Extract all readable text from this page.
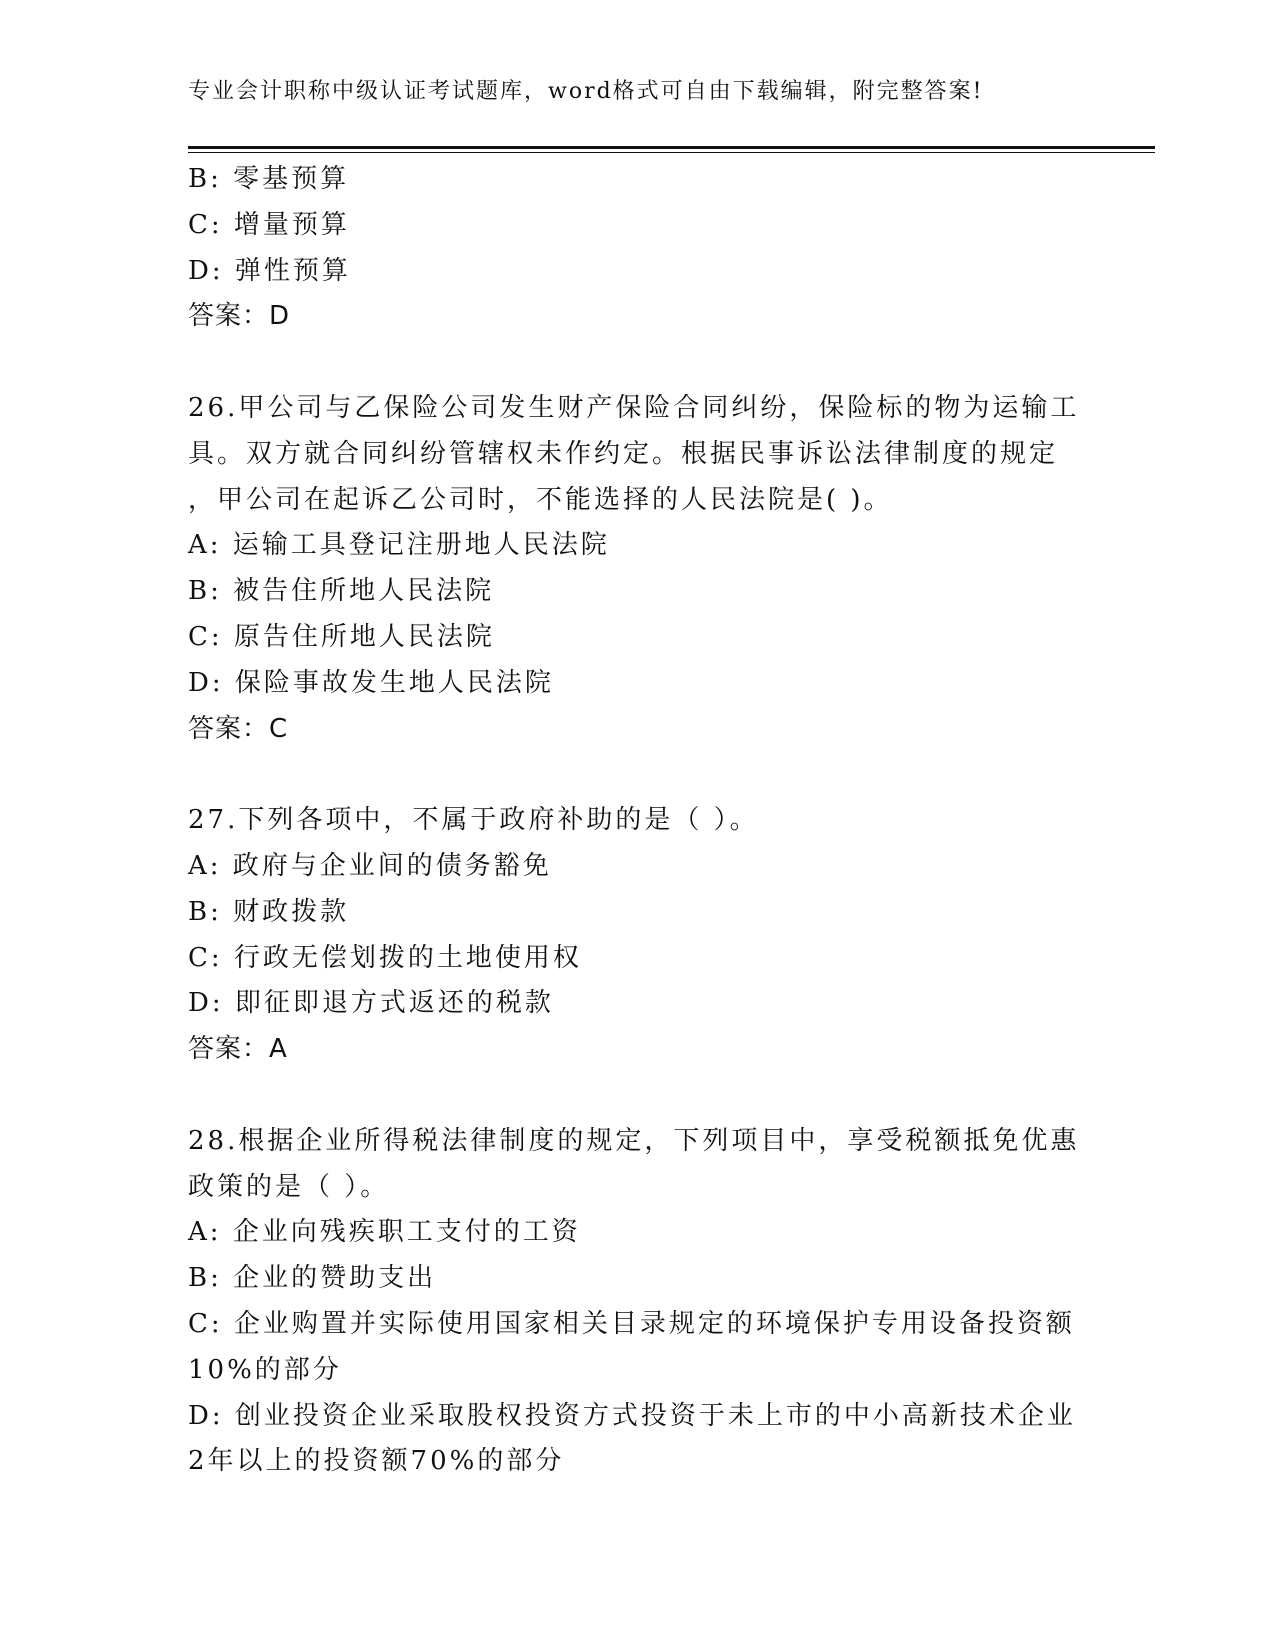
专业会计职称中级认证考试题库，word格式可自由下载编辑，附完整答案!
B: 零基预算
C: 增量预算
D: 弹性预算
答案：D
26.甲公司与乙保险公司发生财产保险合同纠纷，保险标的物为运输工
具。双方就合同纠纷管辖权未作约定。根据民事诉讼法律制度的规定
，甲公司在起诉乙公司时，不能选择的人民法院是( )。
A: 运输工具登记注册地人民法院
B: 被告住所地人民法院
C: 原告住所地人民法院
D: 保险事故发生地人民法院
答案：C
27.下列各项中，不属于政府补助的是（ ）。
A: 政府与企业间的债务豁免
B: 财政拨款
C: 行政无偿划拨的土地使用权
D: 即征即退方式返还的税款
答案：A
28.根据企业所得税法律制度的规定，下列项目中，享受税额抵免优惠
政策的是（ ）。
A: 企业向残疾职工支付的工资
B: 企业的赞助支出
C: 企业购置并实际使用国家相关目录规定的环境保护专用设备投资额
10%的部分
D: 创业投资企业采取股权投资方式投资于未上市的中小高新技术企业
2年以上的投资额70%的部分
